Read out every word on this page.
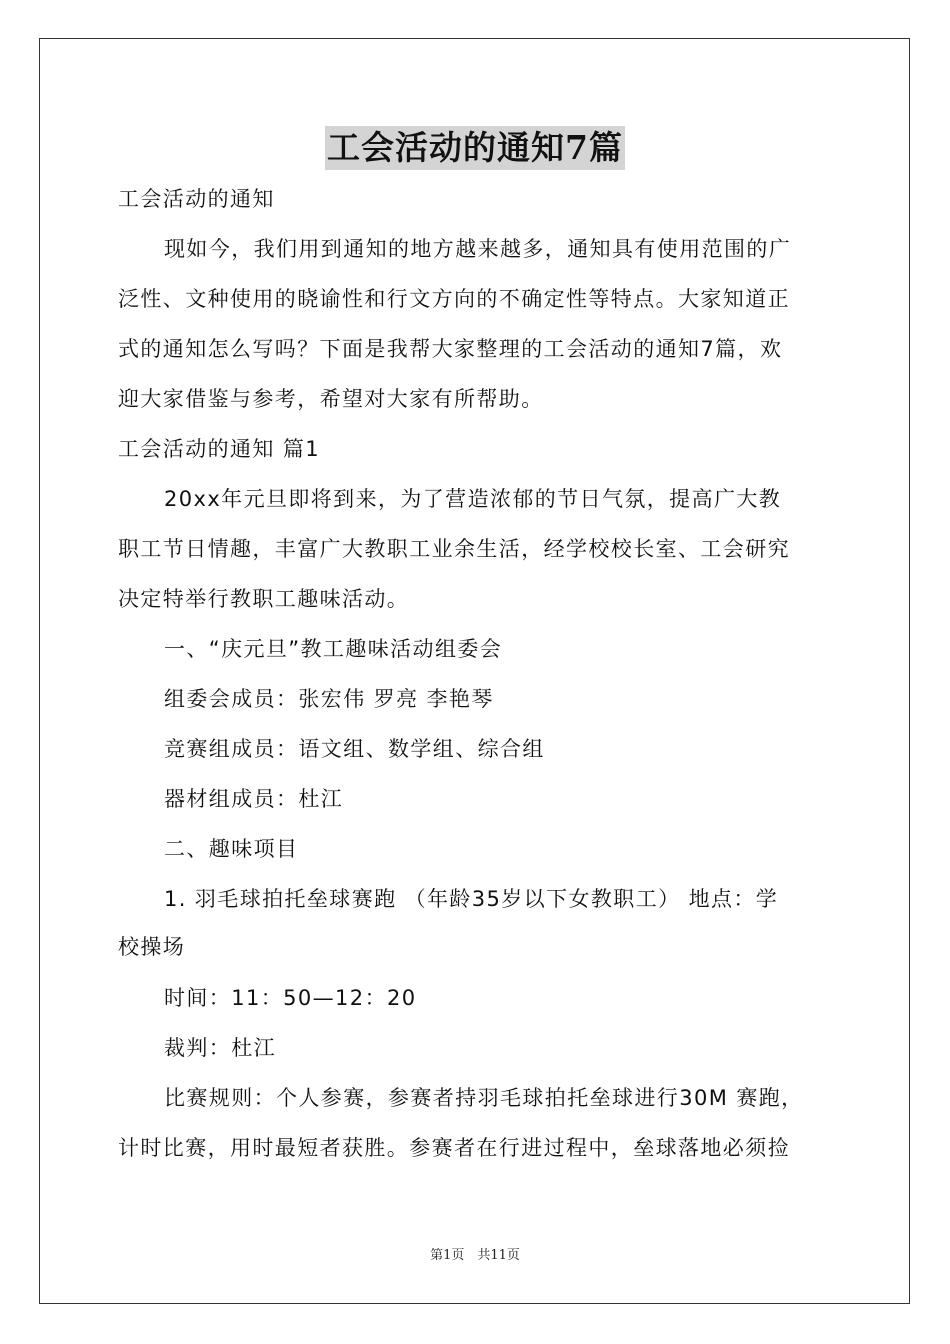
工会活动的通知7篇
工会活动的通知
现如今，我们用到通知的地方越来越多，通知具有使用范围的广
泛性、文种使用的晓谕性和行文方向的不确定性等特点。大家知道正
式的通知怎么写吗？下面是我帮大家整理的工会活动的通知7篇，欢
迎大家借鉴与参考，希望对大家有所帮助。
工会活动的通知 篇1
20xx年元旦即将到来，为了营造浓郁的节日气氛，提高广大教
职工节日情趣，丰富广大教职工业余生活，经学校校长室、工会研究
决定特举行教职工趣味活动。
一、“庆元旦”教工趣味活动组委会
组委会成员：张宏伟 罗亮 李艳琴
竞赛组成员：语文组、数学组、综合组
器材组成员：杜江
二、趣味项目
1. 羽毛球拍托垒球赛跑 （年龄35岁以下女教职工） 地点：学
校操场
时间：11：50—12：20
裁判：杜江
比赛规则：个人参赛，参赛者持羽毛球拍托垒球进行30M 赛跑，
计时比赛，用时最短者获胜。参赛者在行进过程中，垒球落地必须捡
第1页　共11页
